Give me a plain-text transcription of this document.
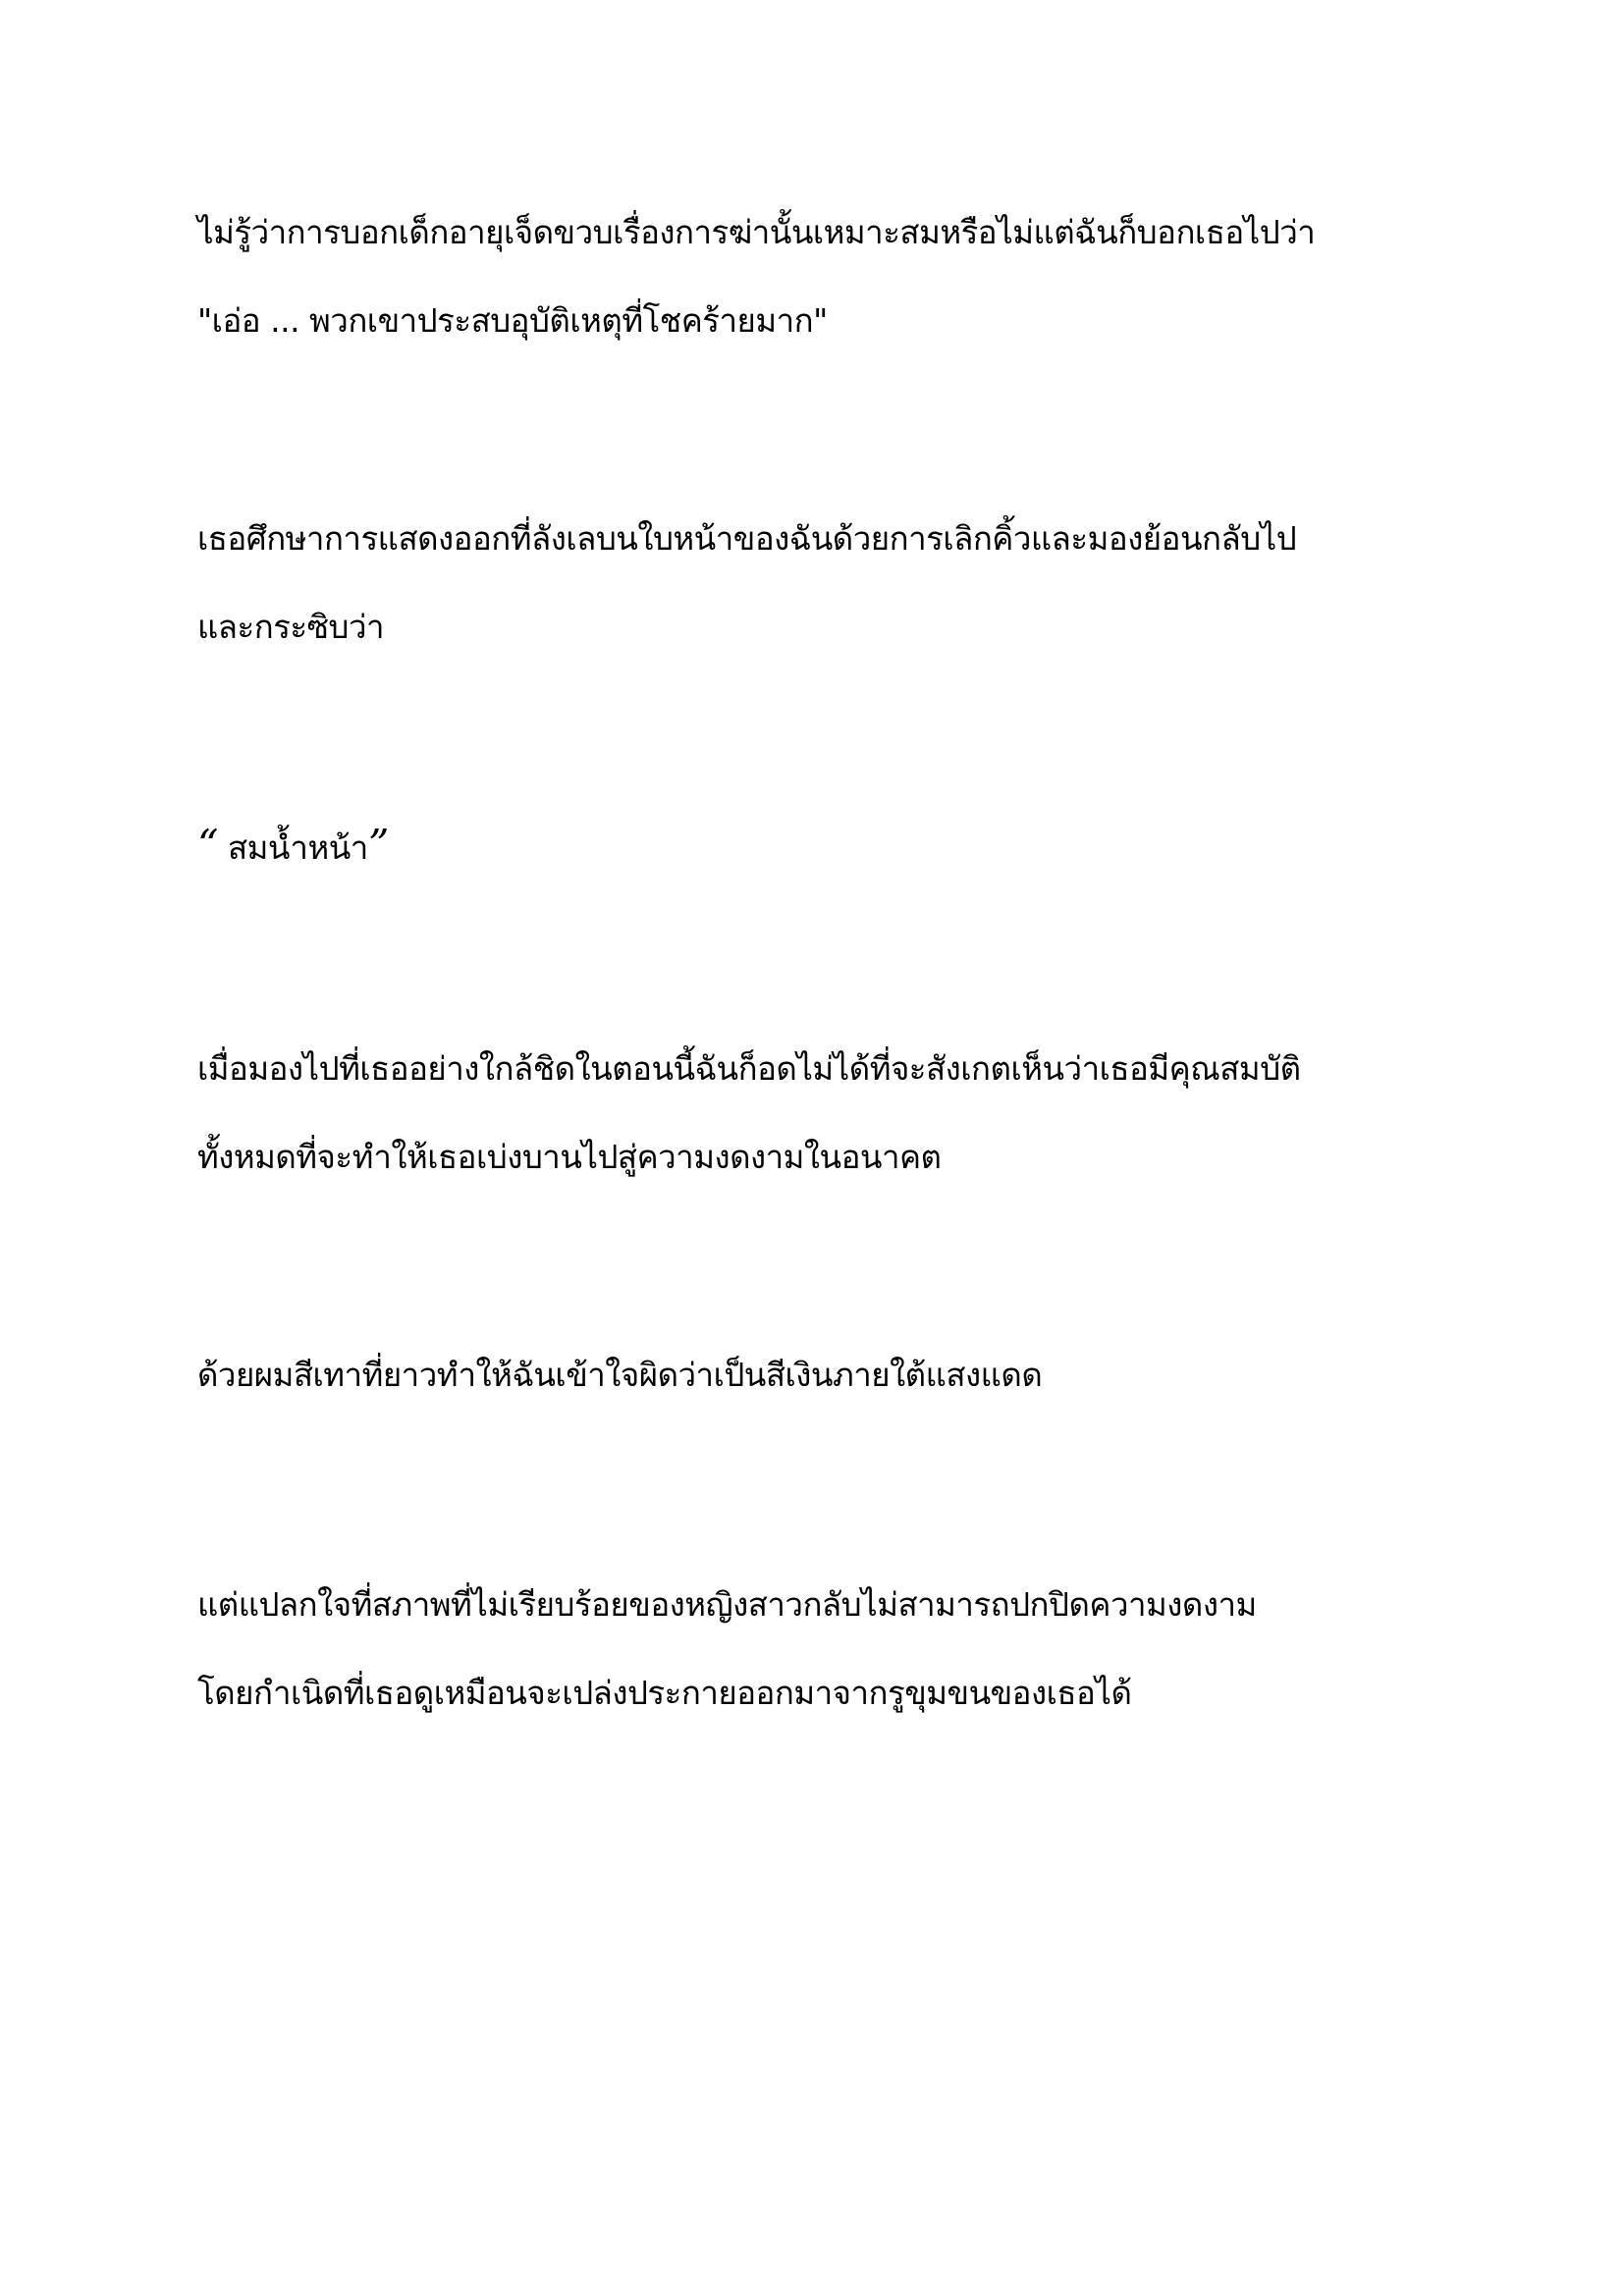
ไม่รู้ว่าการบอกเด็กอายุเจ็ดขวบเรื่องการฆ่านั้นเหมาะสมหรือไม่แต่ฉันก็บอกเธอไปว่า
"เอ่อ ... พวกเขาประสบอุบัติเหตุที่โชคร้ายมาก"
เธอศึกษาการแสดงออกที่ลังเลบนใบหน้าของฉันด้วยการเลิกคิ้วและมองย้อนกลับไป
และกระซิบว่า
“ สมน้ำหน้า”
เมื่อมองไปที่เธออย่างใกล้ชิดในตอนนี้ฉันก็อดไม่ได้ที่จะสังเกตเห็นว่าเธอมีคุณสมบัติ
ทั้งหมดที่จะทำให้เธอเบ่งบานไปสู่ความงดงามในอนาคต
ด้วยผมสีเทาที่ยาวทำให้ฉันเข้าใจผิดว่าเป็นสีเงินภายใต้แสงแดด
แต่แปลกใจที่สภาพที่ไม่เรียบร้อยของหญิงสาวกลับไม่สามารถปกปิดความงดงาม
โดยกำเนิดที่เธอดูเหมือนจะเปล่งประกายออกมาจากรูขุมขนของเธอได้
